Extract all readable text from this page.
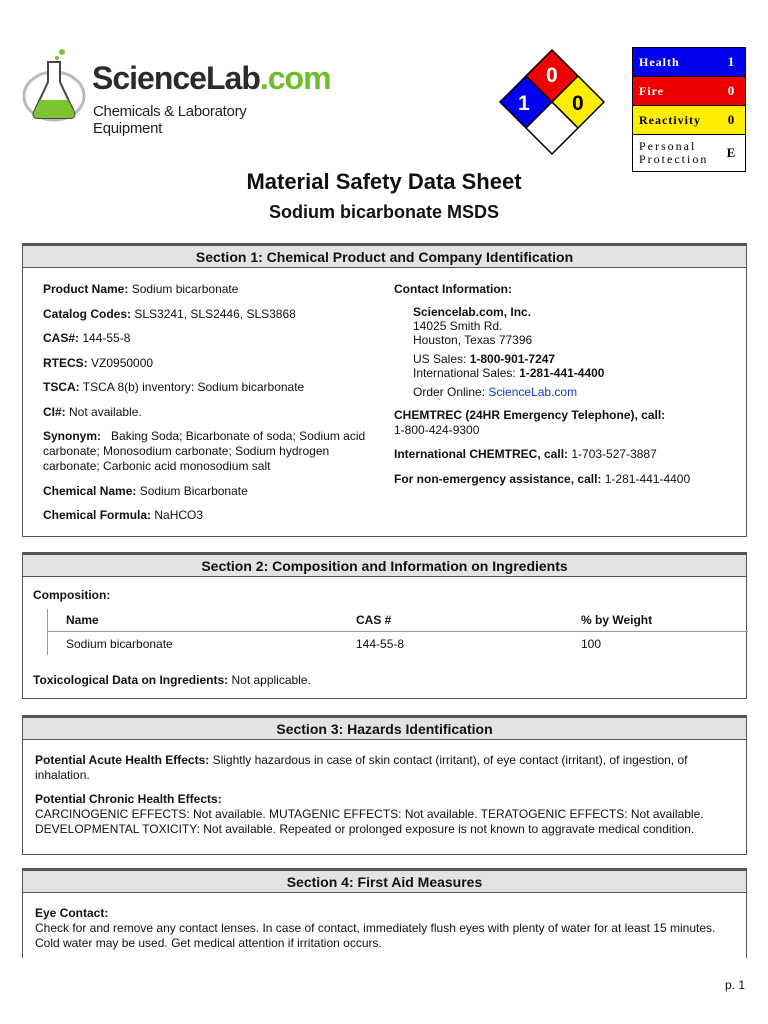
ScienceLab.com
Chemicals & Laboratory Equipment
0
1 0
Health	1
Fire	0
Reactivity	0
Personal
Protection	E
Material Safety Data Sheet
Sodium bicarbonate MSDS
Section 1: Chemical Product and Company Identification
Product Name: Sodium bicarbonate
Catalog Codes: SLS3241, SLS2446, SLS3868
CAS#: 144-55-8
RTECS: VZ0950000
TSCA: TSCA 8(b) inventory: Sodium bicarbonate
CI#: Not available.
Synonym:   Baking Soda; Bicarbonate of soda; Sodium acid carbonate; Monosodium carbonate; Sodium hydrogen carbonate; Carbonic acid monosodium salt
Chemical Name: Sodium Bicarbonate
Chemical Formula: NaHCO3
Contact Information:
Sciencelab.com, Inc.
14025 Smith Rd.
Houston, Texas 77396
US Sales: 1-800-901-7247
International Sales: 1-281-441-4400
Order Online: ScienceLab.com
CHEMTREC (24HR Emergency Telephone), call:
1-800-424-9300
International CHEMTREC, call: 1-703-527-3887
For non-emergency assistance, call: 1-281-441-4400
Section 2: Composition and Information on Ingredients
Composition:
Name	CAS #	% by Weight
Sodium bicarbonate	144-55-8	100
Toxicological Data on Ingredients: Not applicable.
Section 3: Hazards Identification
Potential Acute Health Effects: Slightly hazardous in case of skin contact (irritant), of eye contact (irritant), of ingestion, of inhalation.
Potential Chronic Health Effects:
CARCINOGENIC EFFECTS: Not available. MUTAGENIC EFFECTS: Not available. TERATOGENIC EFFECTS: Not available. DEVELOPMENTAL TOXICITY: Not available. Repeated or prolonged exposure is not known to aggravate medical condition.
Section 4: First Aid Measures
Eye Contact:
Check for and remove any contact lenses. In case of contact, immediately flush eyes with plenty of water for at least 15 minutes. Cold water may be used. Get medical attention if irritation occurs.
p. 1
